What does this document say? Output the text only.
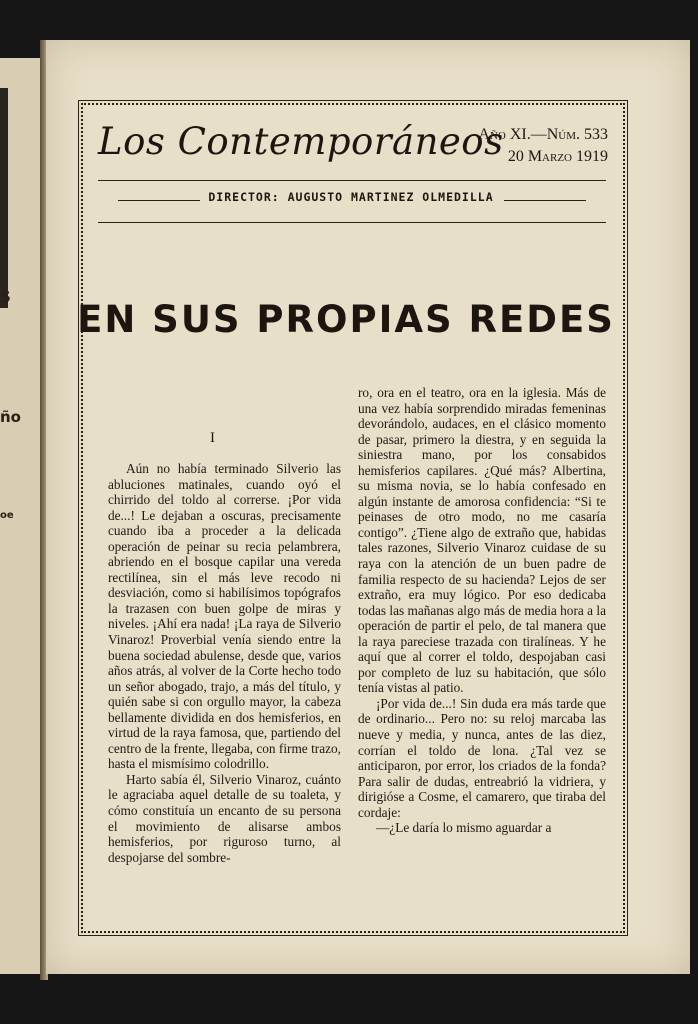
S
ño
oe
Los Contemporáneos
Año XI.—Núm. 533
20 Marzo 1919
DIRECTOR: AUGUSTO MARTINEZ OLMEDILLA
EN SUS PROPIAS REDES
I

Aún no había terminado Silverio las abluciones matinales, cuando oyó el chirrido del toldo al correrse. ¡Por vida de...! Le dejaban a oscuras, precisamente cuando iba a proceder a la delicada operación de peinar su recia pelambrera, abriendo en el bosque capilar una vereda rectilínea, sin el más leve recodo ni desviación, como si habilísimos topógrafos la trazasen con buen golpe de miras y niveles. ¡Ahí era nada! ¡La raya de Silverio Vinaroz! Proverbial venía siendo entre la buena sociedad abulense, desde que, varios años atrás, al volver de la Corte hecho todo un señor abogado, trajo, a más del título, y quién sabe si con orgullo mayor, la cabeza bellamente dividida en dos hemisferios, en virtud de la raya famosa, que, partiendo del centro de la frente, llegaba, con firme trazo, hasta el mismísimo colodrillo.

Harto sabía él, Silverio Vinaroz, cuánto le agraciaba aquel detalle de su toaleta, y cómo constituía un encanto de su persona el movimiento de alisarse ambos hemisferios, por riguroso turno, al despojarse del sombre-

ro, ora en el teatro, ora en la iglesia. Más de una vez había sorprendido miradas femeninas devorándolo, audaces, en el clásico momento de pasar, primero la diestra, y en seguida la siniestra mano, por los consabidos hemisferios capilares. ¿Qué más? Albertina, su misma novia, se lo había confesado en algún instante de amorosa confidencia: “Si te peinases de otro modo, no me casaría contigo”. ¿Tiene algo de extraño que, habidas tales razones, Silverio Vinaroz cuidase de su raya con la atención de un buen padre de familia respecto de su hacienda? Lejos de ser extraño, era muy lógico. Por eso dedicaba todas las mañanas algo más de media hora a la operación de partir el pelo, de tal manera que la raya pareciese trazada con tiralíneas. Y he aquí que al correr el toldo, despojaban casi por completo de luz su habitación, que sólo tenía vistas al patio.

¡Por vida de...! Sin duda era más tarde que de ordinario... Pero no: su reloj marcaba las nueve y media, y nunca, antes de las diez, corrían el toldo de lona. ¿Tal vez se anticiparon, por error, los criados de la fonda? Para salir de dudas, entreabrió la vidriera, y dirigióse a Cosme, el camarero, que tiraba del cordaje:

—¿Le daría lo mismo aguardar a
